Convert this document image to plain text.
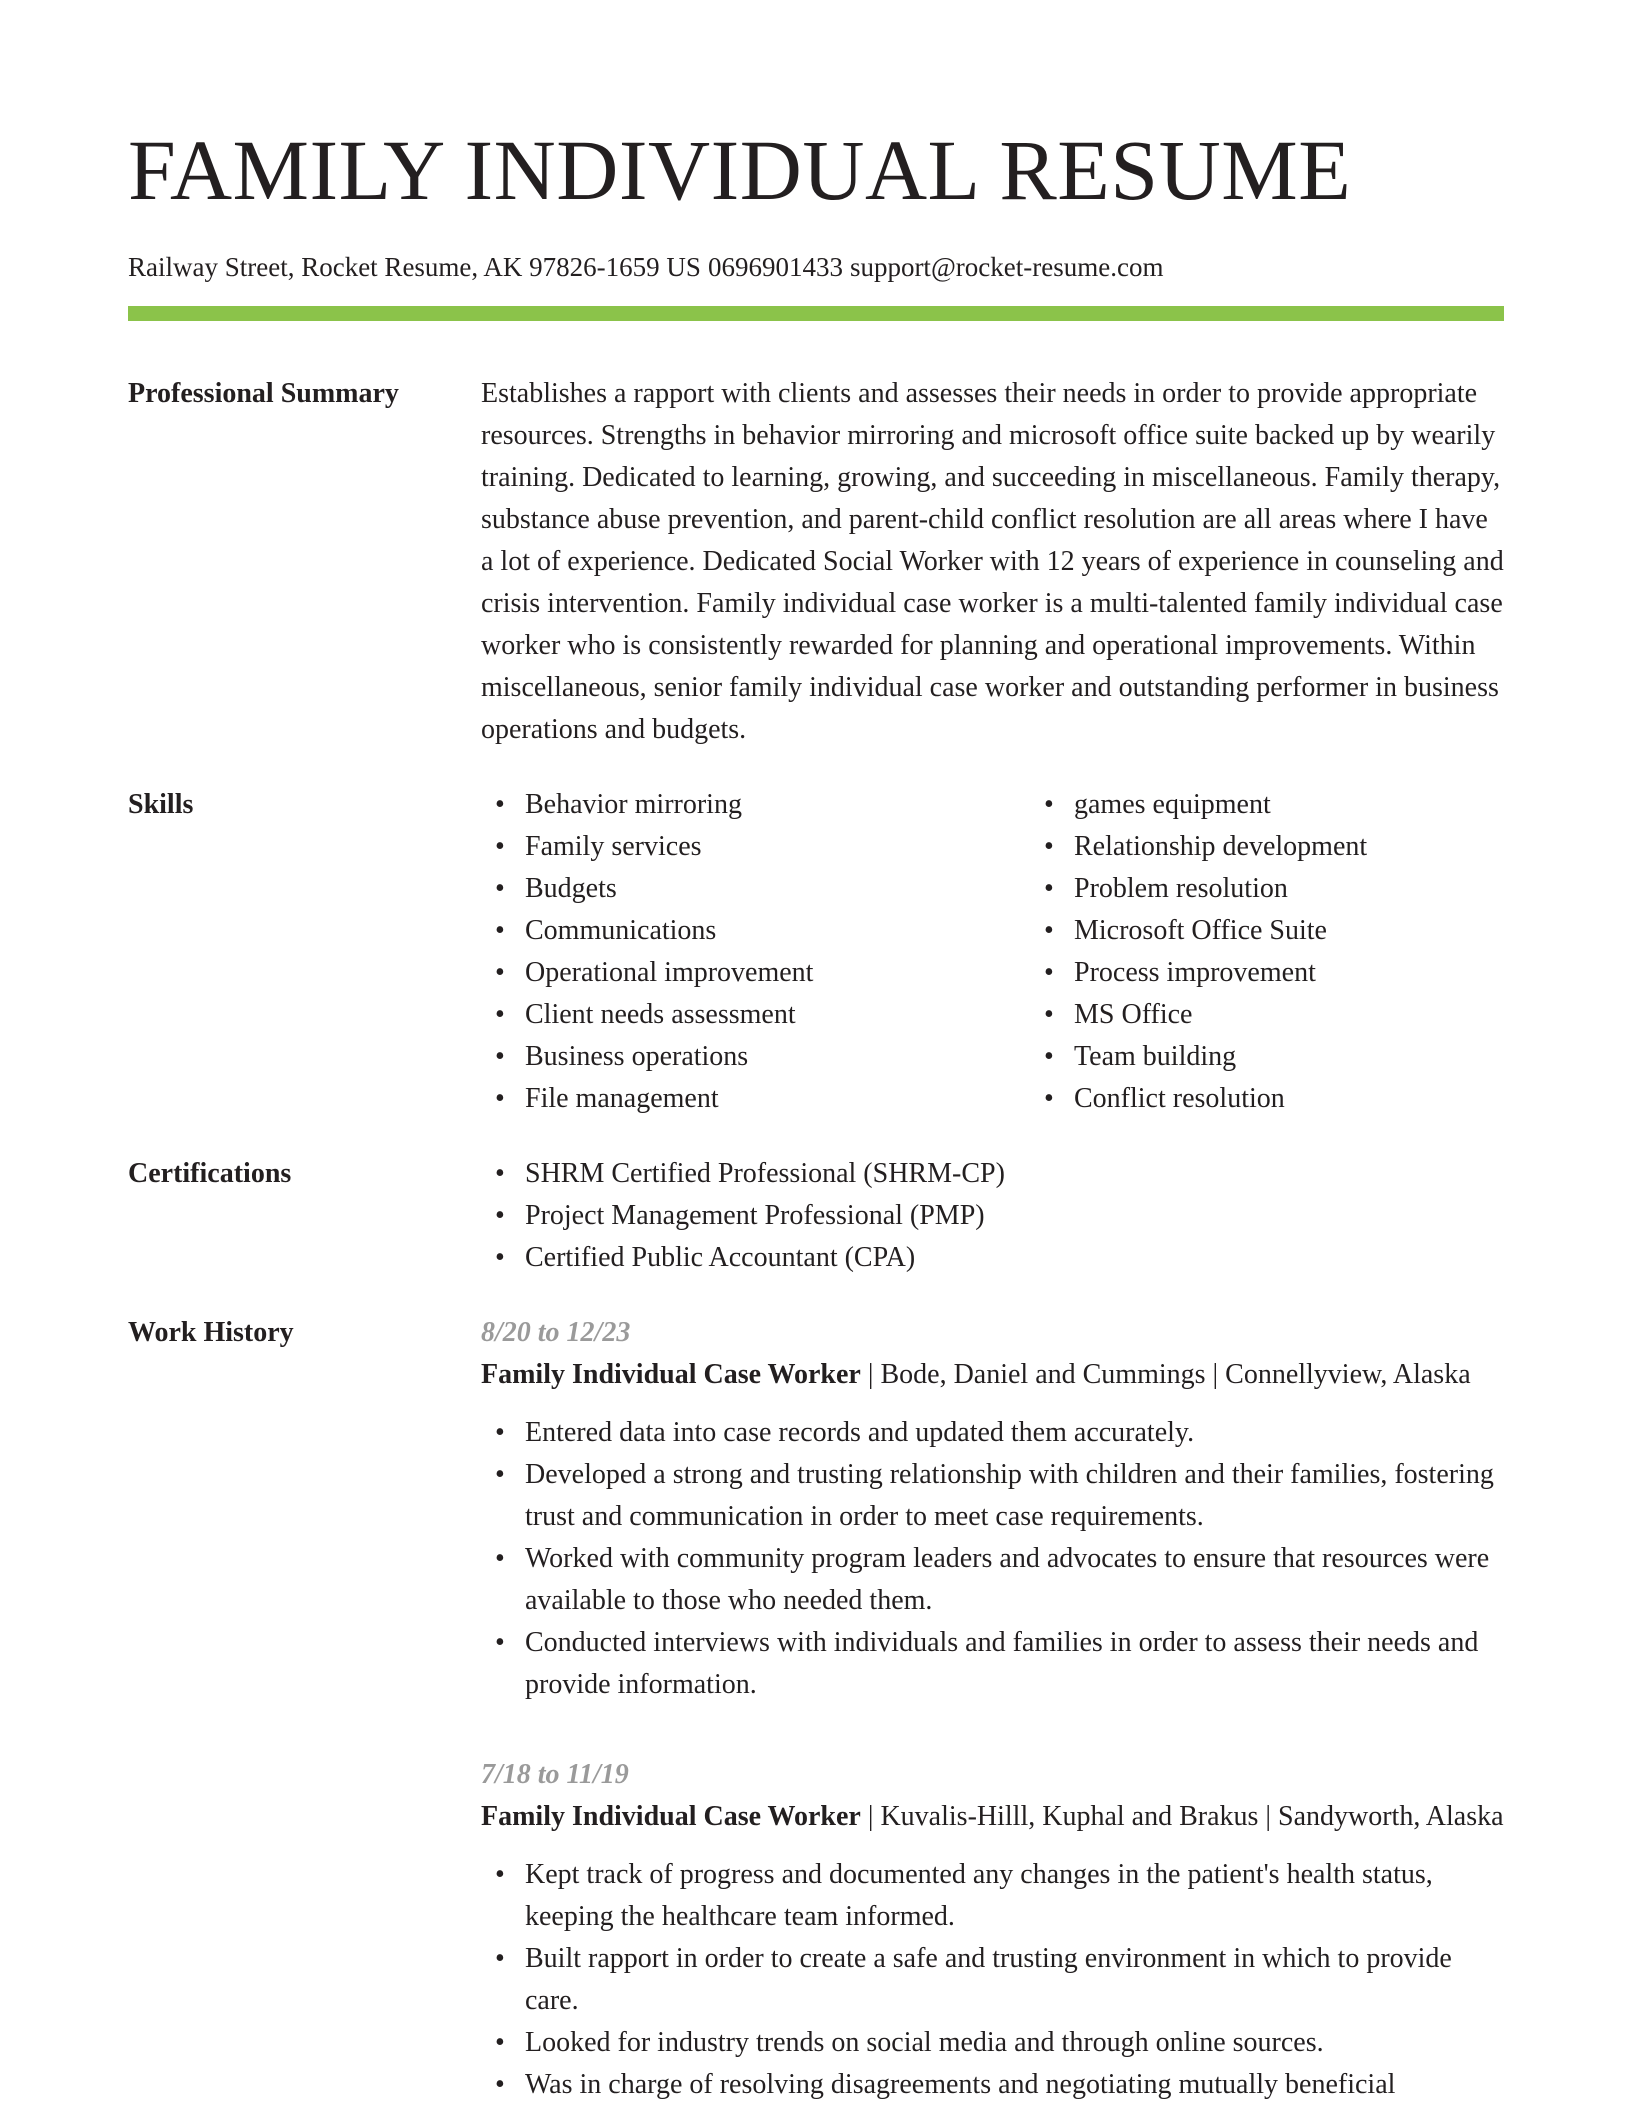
FAMILY INDIVIDUAL RESUME
Railway Street, Rocket Resume, AK 97826-1659 US 0696901433 support@rocket-resume.com
Professional Summary	Establishes a rapport with clients and assesses their needs in order to provide appropriate resources. Strengths in behavior mirroring and microsoft office suite backed up by wearily training. Dedicated to learning, growing, and succeeding in miscellaneous. Family therapy, substance abuse prevention, and parent-child conflict resolution are all areas where I have a lot of experience. Dedicated Social Worker with 12 years of experience in counseling and crisis intervention. Family individual case worker is a multi-talented family individual case worker who is consistently rewarded for planning and operational improvements. Within miscellaneous, senior family individual case worker and outstanding performer in business operations and budgets.

Skills	• Behavior mirroring
• Family services
• Budgets
• Communications
• Operational improvement
• Client needs assessment
• Business operations
• File management
• games equipment
• Relationship development
• Problem resolution
• Microsoft Office Suite
• Process improvement
• MS Office
• Team building
• Conflict resolution
Certifications	• SHRM Certified Professional (SHRM-CP)
• Project Management Professional (PMP)
• Certified Public Accountant (CPA)
Work History	8/20 to 12/23
Family Individual Case Worker | Bode, Daniel and Cummings | Connellyview, Alaska
• Entered data into case records and updated them accurately.
• Developed a strong and trusting relationship with children and their families, fostering trust and communication in order to meet case requirements.
• Worked with community program leaders and advocates to ensure that resources were available to those who needed them.
• Conducted interviews with individuals and families in order to assess their needs and provide information.
7/18 to 11/19
Family Individual Case Worker | Kuvalis-Hilll, Kuphal and Brakus | Sandyworth, Alaska
• Kept track of progress and documented any changes in the patient's health status, keeping the healthcare team informed.
• Built rapport in order to create a safe and trusting environment in which to provide care.
• Looked for industry trends on social media and through online sources.
• Was in charge of resolving disagreements and negotiating mutually beneficial
